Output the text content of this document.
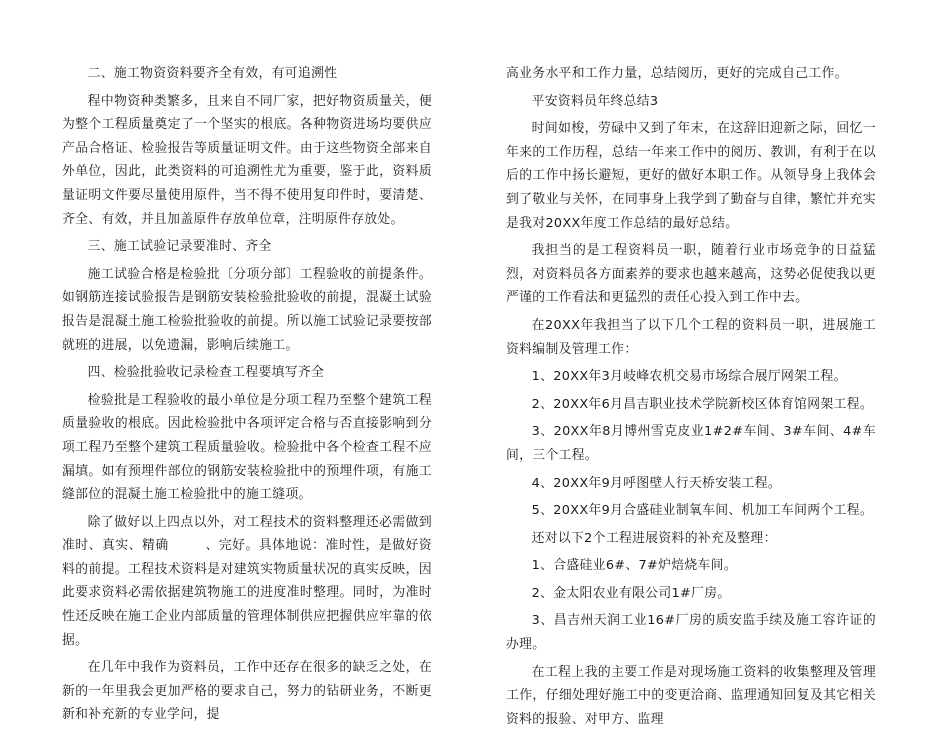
二、施工物资资料要齐全有效，有可追溯性

程中物资种类繁多，且来自不同厂家，把好物资质量关，便为整个工程质量奠定了一个坚实的根底。各种物资进场均要供应产品合格证、检验报告等质量证明文件。由于这些物资全部来自外单位，因此，此类资料的可追溯性尤为重要，鉴于此，资料质量证明文件要尽量使用原件，当不得不使用复印件时，要清楚、齐全、有效，并且加盖原件存放单位章，注明原件存放处。

三、施工试验记录要准时、齐全

施工试验合格是检验批〔分项分部〕工程验收的前提条件。如钢筋连接试验报告是钢筋安装检验批验收的前提，混凝土试验报告是混凝土施工检验批验收的前提。所以施工试验记录要按部就班的进展，以免遗漏，影响后续施工。

四、检验批验收记录检查工程要填写齐全

检验批是工程验收的最小单位是分项工程乃至整个建筑工程质量验收的根底。因此检验批中各项评定合格与否直接影响到分项工程乃至整个建筑工程质量验收。检验批中各个检查工程不应漏填。如有预埋件部位的钢筋安装检验批中的预埋件项，有施工缝部位的混凝土施工检验批中的施工缝项。

除了做好以上四点以外，对工程技术的资料整理还必需做到准时、真实、精确        、完好。具体地说：准时性，是做好资料的前提。工程技术资料是对建筑实物质量状况的真实反映，因此要求资料必需依据建筑物施工的进度准时整理。同时，为准时性还反映在施工企业内部质量的管理体制供应把握供应牢靠的依据。

在几年中我作为资料员，工作中还存在很多的缺乏之处，在新的一年里我会更加严格的要求自己，努力的钻研业务，不断更新和补充新的专业学问，提

高业务水平和工作力量，总结阅历，更好的完成自己工作。

平安资料员年终总结3

时间如梭，劳碌中又到了年末，在这辞旧迎新之际，回忆一年来的工作历程，总结一年来工作中的阅历、教训，有利于在以后的工作中扬长避短，更好的做好本职工作。从领导身上我体会到了敬业与关怀，在同事身上我学到了勤奋与自律，繁忙并充实是我对20XX年度工作总结的最好总结。

我担当的是工程资料员一职，随着行业市场竞争的日益猛烈，对资料员各方面素养的要求也越来越高，这势必促使我以更严谨的工作看法和更猛烈的责任心投入到工作中去。

在20XX年我担当了以下几个工程的资料员一职，进展施工资料编制及管理工作：

1、20XX年3月岐峰农机交易市场综合展厅网架工程。

2、20XX年6月昌吉职业技术学院新校区体育馆网架工程。

3、20XX年8月博州雪克皮业1#2#车间、3#车间、4#车间，三个工程。

4、20XX年9月呼图壁人行天桥安装工程。

5、20XX年9月合盛硅业制氧车间、机加工车间两个工程。

还对以下2个工程进展资料的补充及整理：

1、合盛硅业6#、7#炉焙烧车间。

2、金太阳农业有限公司1#厂房。

3、昌吉州天润工业16#厂房的质安监手续及施工容许证的办理。

在工程上我的主要工作是对现场施工资料的收集整理及管理工作，仔细处理好施工中的变更洽商、监理通知回复及其它相关资料的报验、对甲方、监理
